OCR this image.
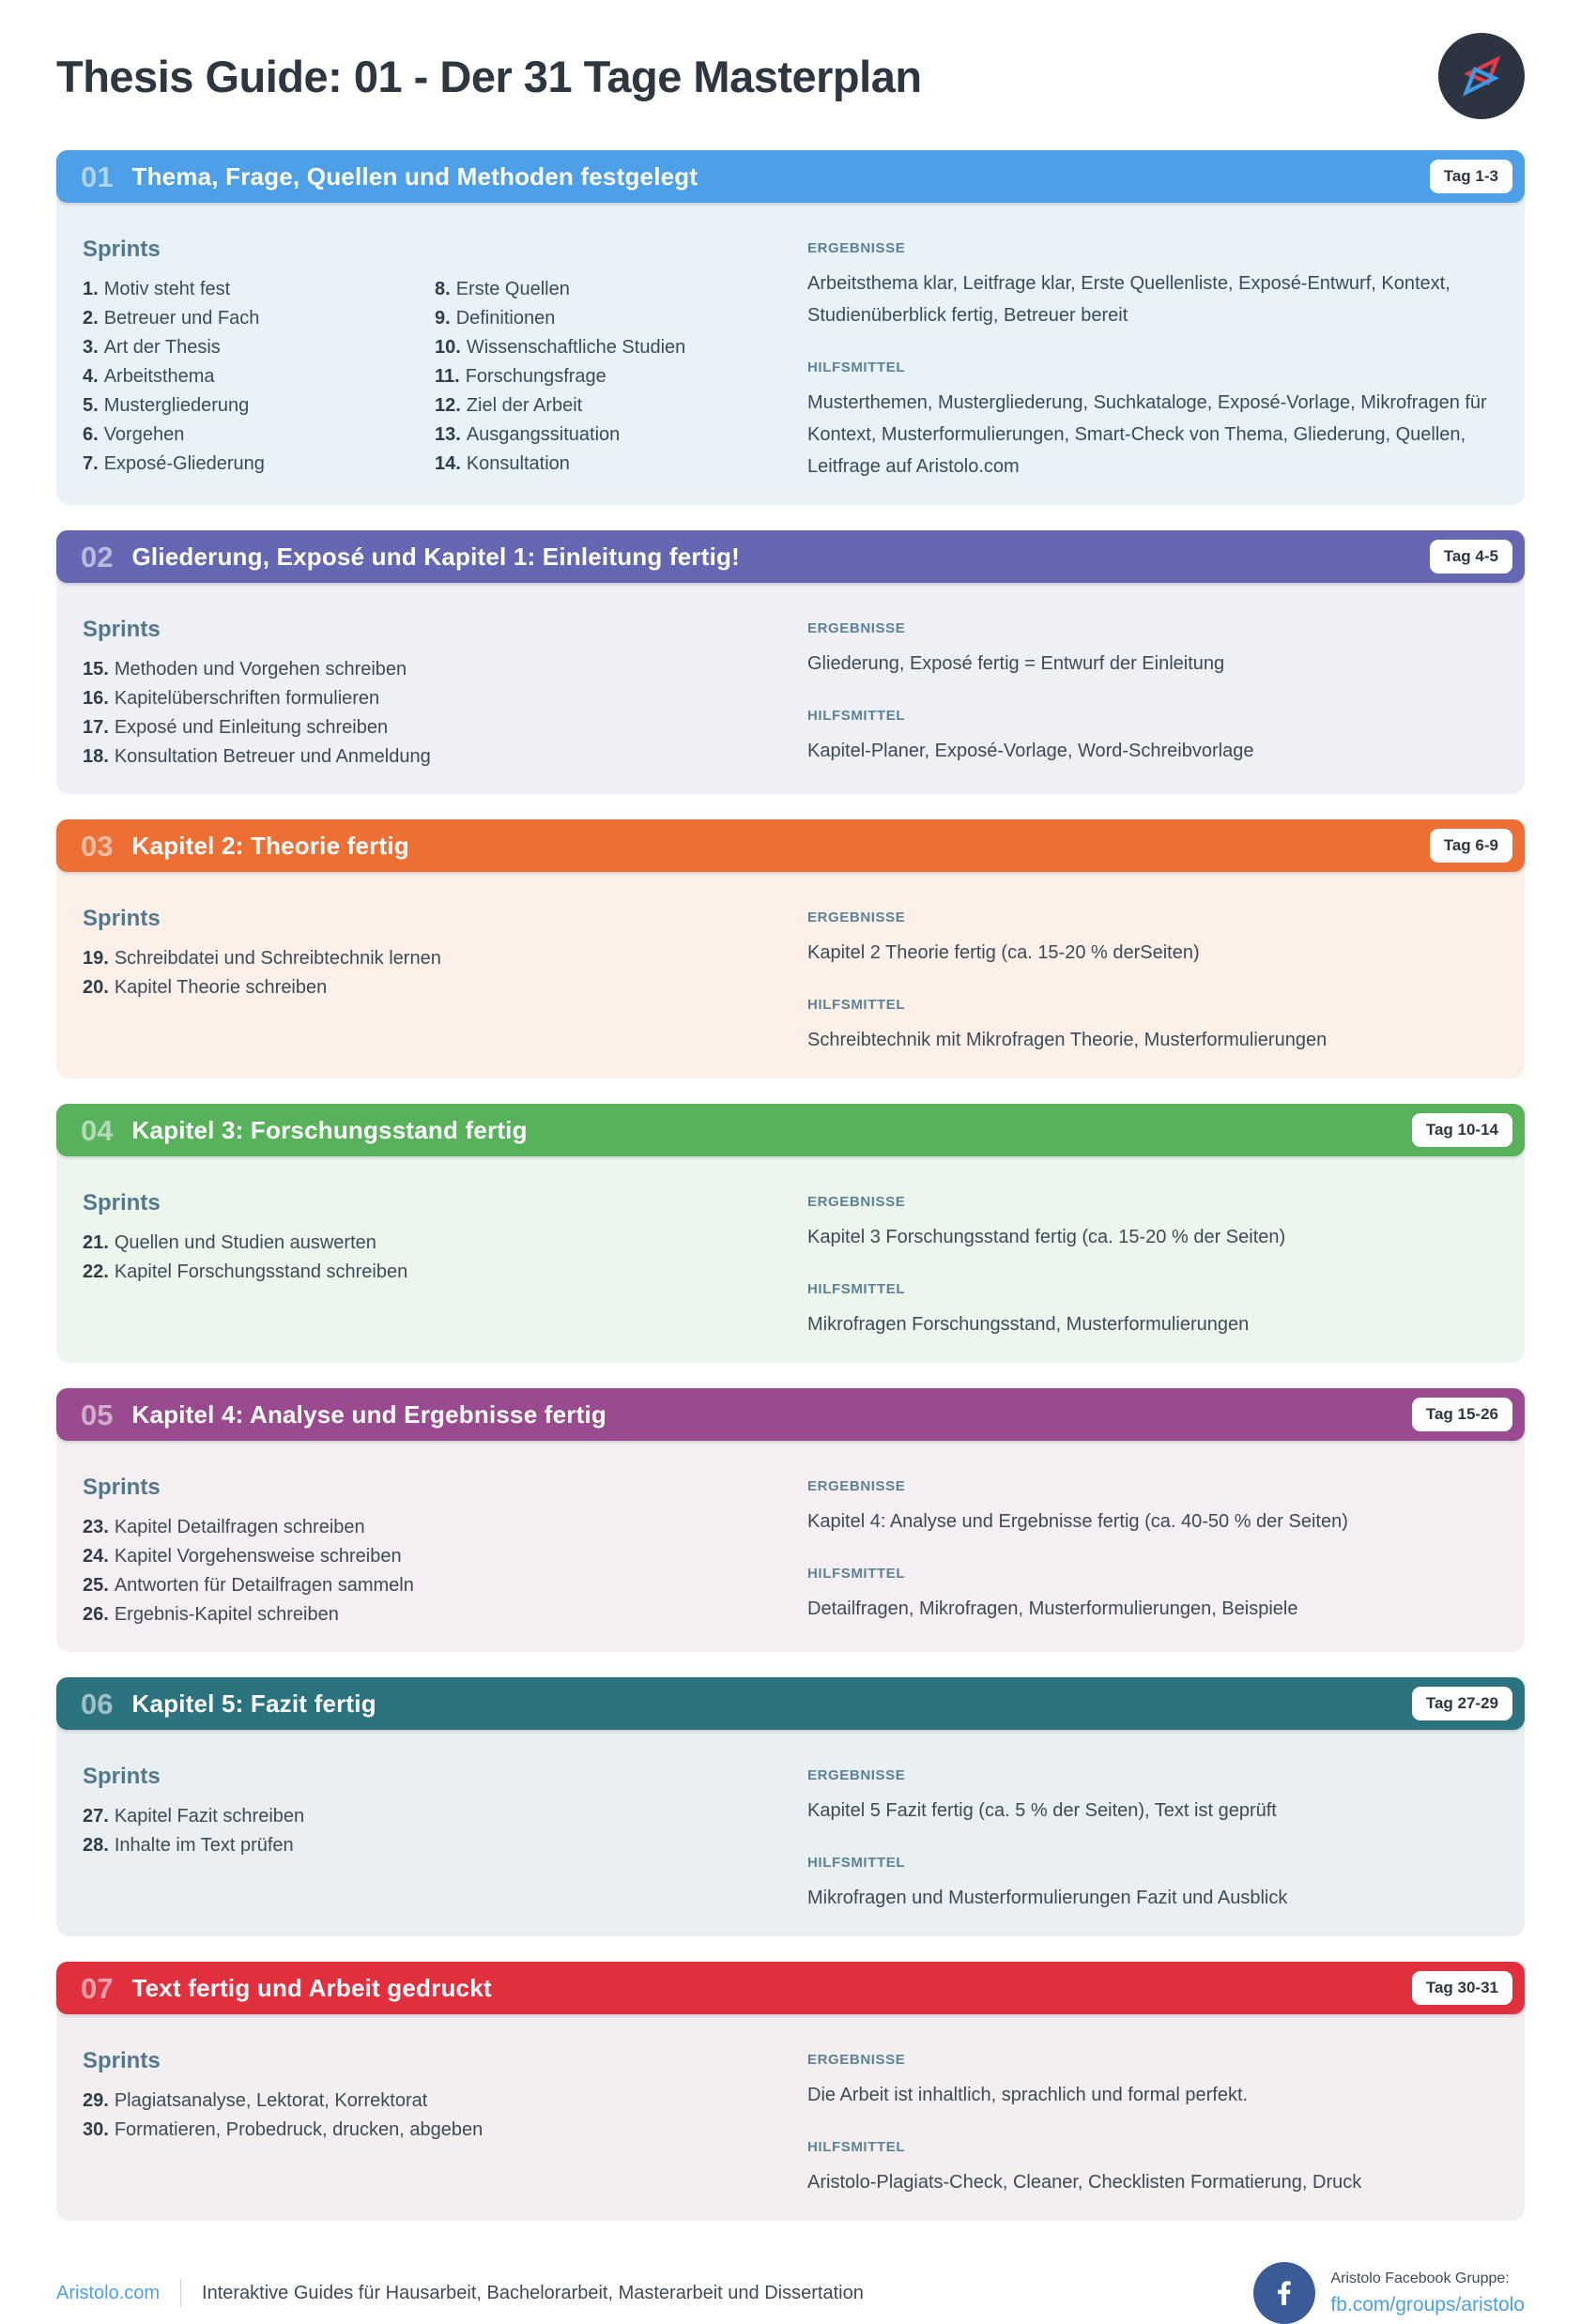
Thesis Guide: 01 - Der 31 Tage Masterplan
01 Thema, Frage, Quellen und Methoden festgelegt	Tag 1-3
Sprints
1. Motiv steht fest
2. Betreuer und Fach
3. Art der Thesis
4. Arbeitsthema
5. Mustergliederung
6. Vorgehen
7. Exposé-Gliederung
8. Erste Quellen
9. Definitionen
10. Wissenschaftliche Studien
11. Forschungsfrage
12. Ziel der Arbeit
13. Ausgangssituation
14. Konsultation
ERGEBNISSE

Arbeitsthema klar, Leitfrage klar, Erste Quellenliste, Exposé-Entwurf, Kontext, Studienüberblick fertig, Betreuer bereit

HILFSMITTEL

Musterthemen, Mustergliederung, Suchkataloge, Exposé-Vorlage, Mikrofragen für Kontext, Musterformulierungen, Smart-Check von Thema, Gliederung, Quellen, Leitfrage auf Aristolo.com

02 Gliederung, Exposé und Kapitel 1: Einleitung fertig!	Tag 4-5
Sprints
15. Methoden und Vorgehen schreiben
16. Kapitelüberschriften formulieren
17. Exposé und Einleitung schreiben
18. Konsultation Betreuer und Anmeldung
ERGEBNISSE

Gliederung, Exposé fertig = Entwurf der Einleitung

HILFSMITTEL

Kapitel-Planer, Exposé-Vorlage, Word-Schreibvorlage

03 Kapitel 2: Theorie fertig	Tag 6-9
Sprints
19. Schreibdatei und Schreibtechnik lernen
20. Kapitel Theorie schreiben
ERGEBNISSE

Kapitel 2 Theorie fertig (ca. 15-20 % derSeiten)

HILFSMITTEL

Schreibtechnik mit Mikrofragen Theorie, Musterformulierungen

04 Kapitel 3: Forschungsstand fertig	Tag 10-14
Sprints
21. Quellen und Studien auswerten
22. Kapitel Forschungsstand schreiben
ERGEBNISSE

Kapitel 3 Forschungsstand fertig (ca. 15-20 % der Seiten)

HILFSMITTEL

Mikrofragen Forschungsstand, Musterformulierungen

05 Kapitel 4: Analyse und Ergebnisse fertig	Tag 15-26
Sprints
23. Kapitel Detailfragen schreiben
24. Kapitel Vorgehensweise schreiben
25. Antworten für Detailfragen sammeln
26. Ergebnis-Kapitel schreiben
ERGEBNISSE

Kapitel 4: Analyse und Ergebnisse fertig (ca. 40-50 % der Seiten)

HILFSMITTEL

Detailfragen, Mikrofragen, Musterformulierungen, Beispiele

06 Kapitel 5: Fazit fertig	Tag 27-29
Sprints
27. Kapitel Fazit schreiben
28. Inhalte im Text prüfen
ERGEBNISSE

Kapitel 5 Fazit fertig (ca. 5 % der Seiten), Text ist geprüft

HILFSMITTEL

Mikrofragen und Musterformulierungen Fazit und Ausblick

07 Text fertig und Arbeit gedruckt	Tag 30-31
Sprints
29. Plagiatsanalyse, Lektorat, Korrektorat
30. Formatieren, Probedruck, drucken, abgeben
ERGEBNISSE

Die Arbeit ist inhaltlich, sprachlich und formal perfekt.

HILFSMITTEL

Aristolo-Plagiats-Check, Cleaner, Checklisten Formatierung, Druck

Aristolo.com Interaktive Guides für Hausarbeit, Bachelorarbeit, Masterarbeit und Dissertation
Aristolo Facebook Gruppe:
fb.com/groups/aristolo
